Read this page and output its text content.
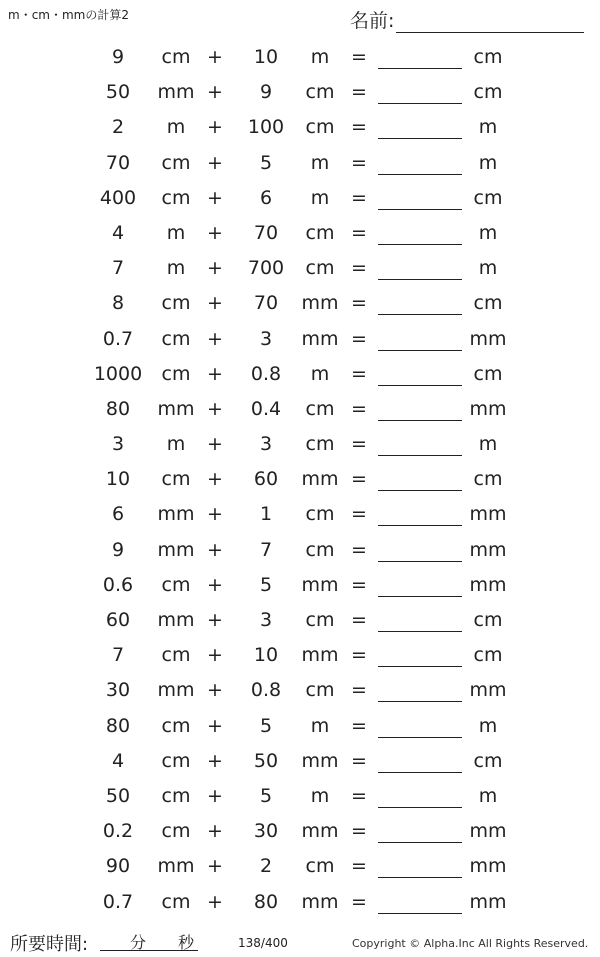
m・cm・mmの計算2	名前:
9	cm +	10	m	=	cm
50	mm +	9	cm =	cm
2	m	+	100	cm =	m
70	cm +	5	m	=	m
400	cm +	6	m	=	cm
4	m	+	70	cm =	m
7	m	+	700	cm =	m
8	cm +	70	mm =	cm
0.7	cm +	3	mm =	mm
1000	cm +	0.8	m	=	cm
80	mm +	0.4	cm =	mm
3	m	+	3	cm =	m
10	cm +	60	mm =	cm
6	mm +	1	cm =	mm
9	mm +	7	cm =	mm
0.6	cm +	5	mm =	mm
60	mm +	3	cm =	cm
7	cm +	10	mm =	cm
30	mm +	0.8	cm =	mm
80	cm +	5	m	=	m
4	cm +	50	mm =	cm
50	cm +	5	m	=	m
0.2	cm +	30	mm =	mm
90	mm +	2	cm =	mm
0.7	cm +	80	mm =	mm
所要時間:	分 秒	138/400	Copyright © Alpha.Inc All Rights Reserved.
